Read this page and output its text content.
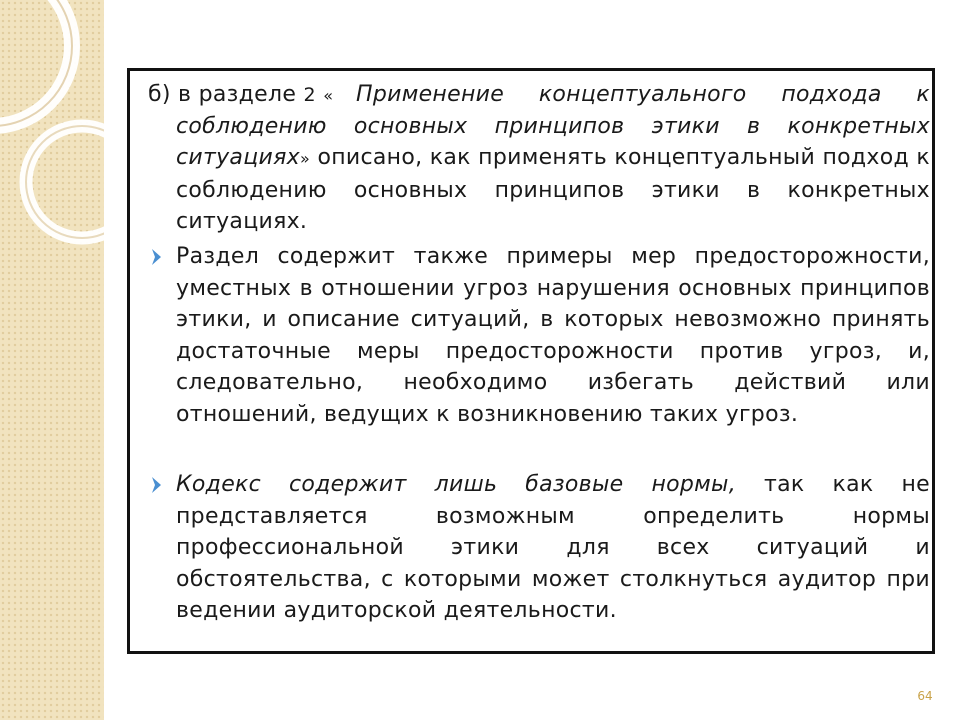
б) в разделе 2 « Применение концептуального подхода к соблюдению основных принципов этики в конкретных ситуациях» описано, как применять концептуальный подход к соблюдению основных принципов этики в конкретных ситуациях.
Раздел содержит также примеры мер предосторожности, уместных в отношении угроз нарушения основных принципов этики, и описание ситуаций, в которых невозможно принять достаточные меры предосторожности против угроз, и, следовательно, необходимо избегать действий или отношений, ведущих к возникновению таких угроз.
Кодекс содержит лишь базовые нормы, так как не представляется возможным определить нормы профессиональной этики для всех ситуаций и обстоятельства, с которыми может столкнуться аудитор при ведении аудиторской деятельности.
64
